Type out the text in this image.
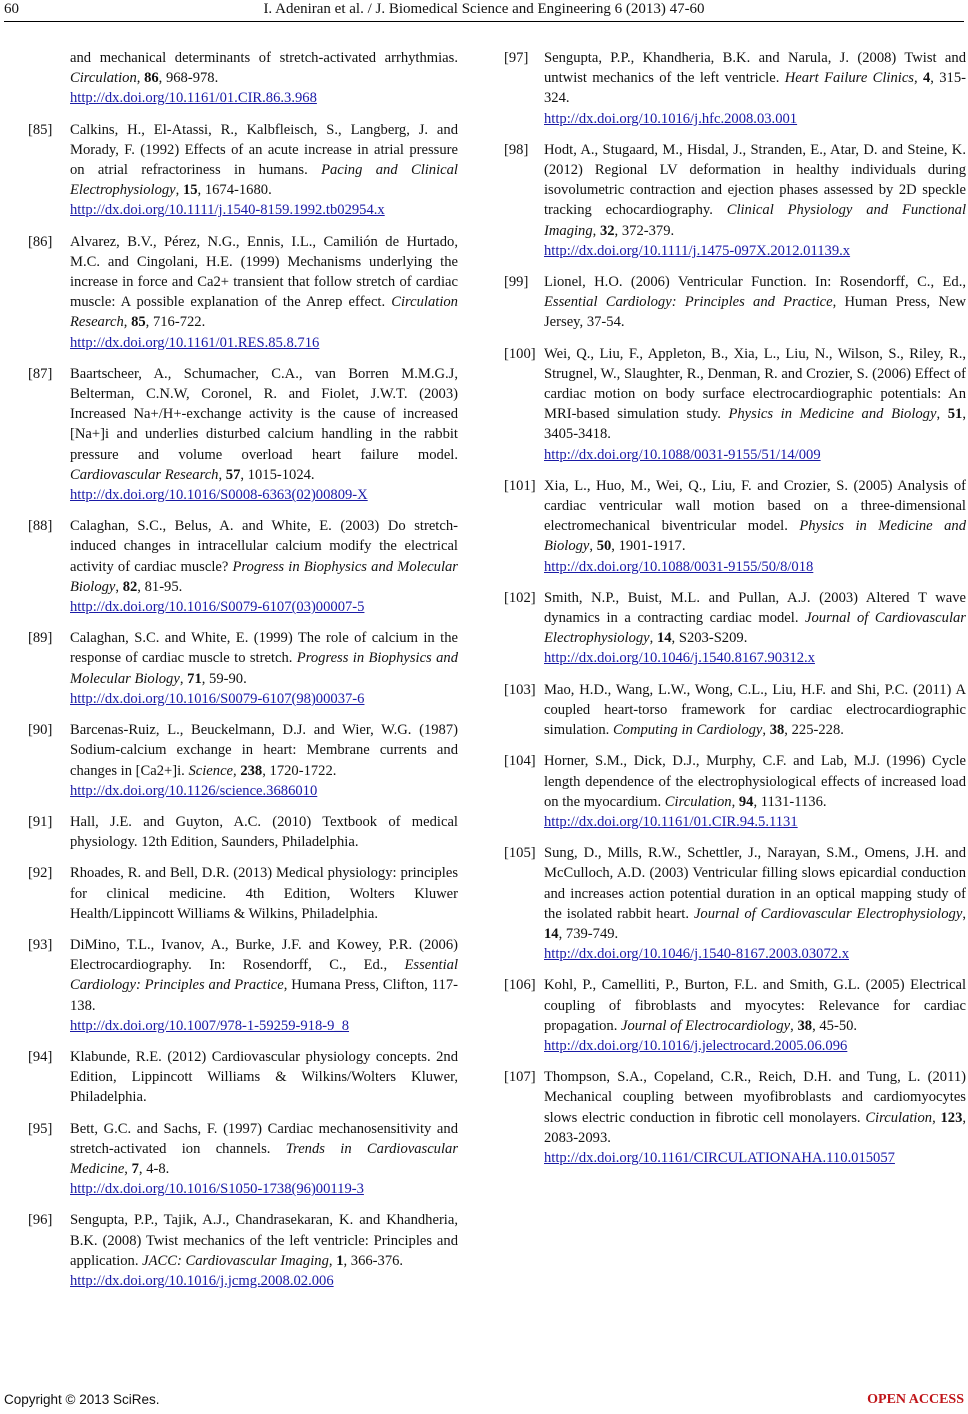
60	I. Adeniran et al. / J. Biomedical Science and Engineering 6 (2013) 47-60
and mechanical determinants of stretch-activated arrhythmias. Circulation, 86, 968-978.
http://dx.doi.org/10.1161/01.CIR.86.3.968
[85] Calkins, H., El-Atassi, R., Kalbfleisch, S., Langberg, J. and Morady, F. (1992) Effects of an acute increase in atrial pressure on atrial refractoriness in humans. Pacing and Clinical Electrophysiology, 15, 1674-1680.
http://dx.doi.org/10.1111/j.1540-8159.1992.tb02954.x
[86] Alvarez, B.V., Pérez, N.G., Ennis, I.L., Camilión de Hurtado, M.C. and Cingolani, H.E. (1999) Mechanisms underlying the increase in force and Ca2+ transient that follow stretch of cardiac muscle: A possible explanation of the Anrep effect. Circulation Research, 85, 716-722.
http://dx.doi.org/10.1161/01.RES.85.8.716
[87] Baartscheer, A., Schumacher, C.A., van Borren M.M.G.J, Belterman, C.N.W, Coronel, R. and Fiolet, J.W.T. (2003) Increased Na+/H+-exchange activity is the cause of increased [Na+]i and underlies disturbed calcium handling in the rabbit pressure and volume overload heart failure model. Cardiovascular Research, 57, 1015-1024.
http://dx.doi.org/10.1016/S0008-6363(02)00809-X
[88] Calaghan, S.C., Belus, A. and White, E. (2003) Do stretch-induced changes in intracellular calcium modify the electrical activity of cardiac muscle? Progress in Biophysics and Molecular Biology, 82, 81-95.
http://dx.doi.org/10.1016/S0079-6107(03)00007-5
[89] Calaghan, S.C. and White, E. (1999) The role of calcium in the response of cardiac muscle to stretch. Progress in Biophysics and Molecular Biology, 71, 59-90.
http://dx.doi.org/10.1016/S0079-6107(98)00037-6
[90] Barcenas-Ruiz, L., Beuckelmann, D.J. and Wier, W.G. (1987) Sodium-calcium exchange in heart: Membrane currents and changes in [Ca2+]i. Science, 238, 1720-1722.
http://dx.doi.org/10.1126/science.3686010
[91] Hall, J.E. and Guyton, A.C. (2010) Textbook of medical physiology. 12th Edition, Saunders, Philadelphia.
[92] Rhoades, R. and Bell, D.R. (2013) Medical physiology: principles for clinical medicine. 4th Edition, Wolters Kluwer Health/Lippincott Williams & Wilkins, Philadelphia.
[93] DiMino, T.L., Ivanov, A., Burke, J.F. and Kowey, P.R. (2006) Electrocardiography. In: Rosendorff, C., Ed., Essential Cardiology: Principles and Practice, Humana Press, Clifton, 117-138.
http://dx.doi.org/10.1007/978-1-59259-918-9_8
[94] Klabunde, R.E. (2012) Cardiovascular physiology concepts. 2nd Edition, Lippincott Williams & Wilkins/Wolters Kluwer, Philadelphia.
[95] Bett, G.C. and Sachs, F. (1997) Cardiac mechanosensitivity and stretch-activated ion channels. Trends in Cardiovascular Medicine, 7, 4-8.
http://dx.doi.org/10.1016/S1050-1738(96)00119-3
[96] Sengupta, P.P., Tajik, A.J., Chandrasekaran, K. and Khandheria, B.K. (2008) Twist mechanics of the left ventricle: Principles and application. JACC: Cardiovascular Imaging, 1, 366-376.
http://dx.doi.org/10.1016/j.jcmg.2008.02.006
[97] Sengupta, P.P., Khandheria, B.K. and Narula, J. (2008) Twist and untwist mechanics of the left ventricle. Heart Failure Clinics, 4, 315-324.
http://dx.doi.org/10.1016/j.hfc.2008.03.001
[98] Hodt, A., Stugaard, M., Hisdal, J., Stranden, E., Atar, D. and Steine, K. (2012) Regional LV deformation in healthy individuals during isovolumetric contraction and ejection phases assessed by 2D speckle tracking echocardiography. Clinical Physiology and Functional Imaging, 32, 372-379.
http://dx.doi.org/10.1111/j.1475-097X.2012.01139.x
[99] Lionel, H.O. (2006) Ventricular Function. In: Rosendorff, C., Ed., Essential Cardiology: Principles and Practice, Human Press, New Jersey, 37-54.
[100] Wei, Q., Liu, F., Appleton, B., Xia, L., Liu, N., Wilson, S., Riley, R., Strugnel, W., Slaughter, R., Denman, R. and Crozier, S. (2006) Effect of cardiac motion on body surface electrocardiographic potentials: An MRI-based simulation study. Physics in Medicine and Biology, 51, 3405-3418.
http://dx.doi.org/10.1088/0031-9155/51/14/009
[101] Xia, L., Huo, M., Wei, Q., Liu, F. and Crozier, S. (2005) Analysis of cardiac ventricular wall motion based on a three-dimensional electromechanical biventricular model. Physics in Medicine and Biology, 50, 1901-1917.
http://dx.doi.org/10.1088/0031-9155/50/8/018
[102] Smith, N.P., Buist, M.L. and Pullan, A.J. (2003) Altered T wave dynamics in a contracting cardiac model. Journal of Cardiovascular Electrophysiology, 14, S203-S209.
http://dx.doi.org/10.1046/j.1540.8167.90312.x
[103] Mao, H.D., Wang, L.W., Wong, C.L., Liu, H.F. and Shi, P.C. (2011) A coupled heart-torso framework for cardiac electrocardiographic simulation. Computing in Cardiology, 38, 225-228.
[104] Horner, S.M., Dick, D.J., Murphy, C.F. and Lab, M.J. (1996) Cycle length dependence of the electrophysiological effects of increased load on the myocardium. Circulation, 94, 1131-1136.
http://dx.doi.org/10.1161/01.CIR.94.5.1131
[105] Sung, D., Mills, R.W., Schettler, J., Narayan, S.M., Omens, J.H. and McCulloch, A.D. (2003) Ventricular filling slows epicardial conduction and increases action potential duration in an optical mapping study of the isolated rabbit heart. Journal of Cardiovascular Electrophysiology, 14, 739-749.
http://dx.doi.org/10.1046/j.1540-8167.2003.03072.x
[106] Kohl, P., Camelliti, P., Burton, F.L. and Smith, G.L. (2005) Electrical coupling of fibroblasts and myocytes: Relevance for cardiac propagation. Journal of Electrocardiology, 38, 45-50.
http://dx.doi.org/10.1016/j.jelectrocard.2005.06.096
[107] Thompson, S.A., Copeland, C.R., Reich, D.H. and Tung, L. (2011) Mechanical coupling between myofibroblasts and cardiomyocytes slows electric conduction in fibrotic cell monolayers. Circulation, 123, 2083-2093.
http://dx.doi.org/10.1161/CIRCULATIONAHA.110.015057
Copyright © 2013 SciRes.	OPEN ACCESS
